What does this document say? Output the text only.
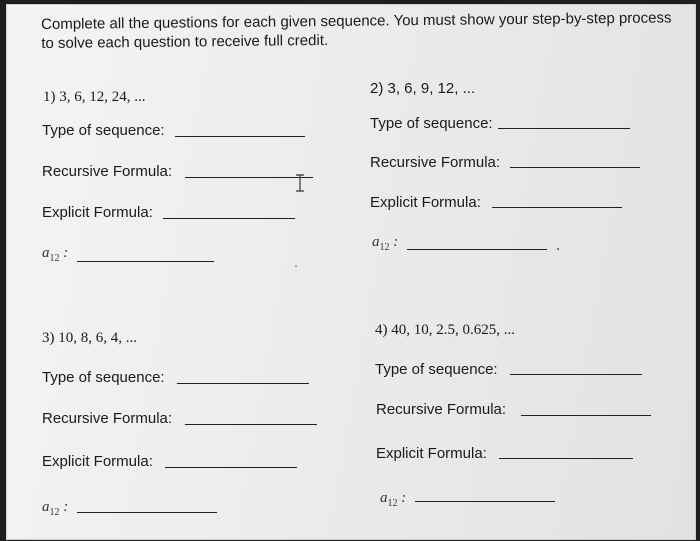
Complete all the questions for each given sequence. You must show your step-by-step process to solve each question to receive full credit.
1) 3, 6, 12, 24, ...
Type of sequence:
Recursive Formula:
Explicit Formula:
$a_{12}$ :
2) 3, 6, 9, 12, ...
Type of sequence:
Recursive Formula:
Explicit Formula:
$a_{12}$ :
3) 10, 8, 6, 4, ...
Type of sequence:
Recursive Formula:
Explicit Formula:
$a_{12}$ :
4) 40, 10, 2.5, 0.625, ...
Type of sequence:
Recursive Formula:
Explicit Formula:
$a_{12}$ :
